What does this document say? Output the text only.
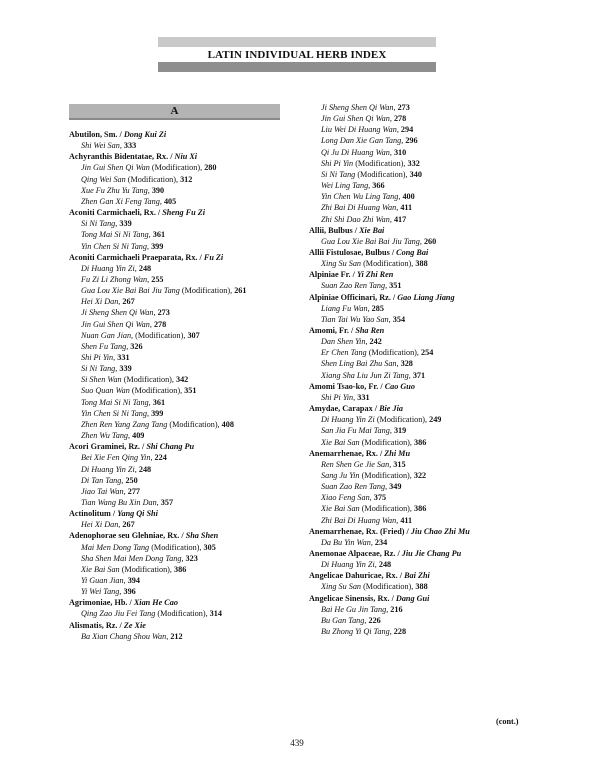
LATIN INDIVIDUAL HERB INDEX
A
Abutilon, Sm. / Dong Kui Zi
Shi Wei San, 333
Achyranthis Bidentatae, Rx. / Niu Xi
Jin Gui Shen Qi Wan (Modification), 280
Qing Wei San (Modification), 312
Xue Fu Zhu Yu Tang, 390
Zhen Gan Xi Feng Tang, 405
Aconiti Carmichaeli, Rx. / Sheng Fu Zi
Si Ni Tang, 339
Tong Mai Si Ni Tang, 361
Yin Chen Si Ni Tang, 399
Aconiti Carmichaeli Praeparata, Rx. / Fu Zi
Di Huang Yin Zi, 248
Fu Zi Li Zhong Wan, 255
Gua Lou Xie Bai Bai Jiu Tang (Modification), 261
Hei Xi Dan, 267
Ji Sheng Shen Qi Wan, 273
Jin Gui Shen Qi Wan, 278
Nuan Gan Jian, (Modification), 307
Shen Fu Tang, 326
Shi Pi Yin, 331
Si Ni Tang, 339
Si Shen Wan (Modification), 342
Suo Quan Wan (Modification), 351
Tong Mai Si Ni Tang, 361
Yin Chen Si Ni Tang, 399
Zhen Ren Yang Zang Tang (Modification), 408
Zhen Wu Tang, 409
Acori Graminei, Rz. / Shi Chang Pu
Bei Xie Fen Qing Yin, 224
Di Huang Yin Zi, 248
Di Tan Tang, 250
Jiao Tai Wan, 277
Tian Wang Bu Xin Dan, 357
Actinolitum / Yang Qi Shi
Hei Xi Dan, 267
Adenophorae seu Glehniae, Rx. / Sha Shen
Mai Men Dong Tang (Modification), 305
Sha Shen Mai Men Dong Tang, 323
Xie Bai San (Modification), 386
Yi Guan Jian, 394
Yi Wei Tang, 396
Agrimoniae, Hb. / Xian He Cao
Qing Zao Jiu Fei Tang (Modification), 314
Alismatis, Rz. / Ze Xie
Ba Xian Chang Shou Wan, 212
Ji Sheng Shen Qi Wan, 273
Jin Gui Shen Qi Wan, 278
Liu Wei Di Huang Wan, 294
Long Dan Xie Gan Tang, 296
Qi Ju Di Huang Wan, 310
Shi Pi Yin (Modification), 332
Si Ni Tang (Modification), 340
Wei Ling Tang, 366
Yin Chen Wu Ling Tang, 400
Zhi Bai Di Huang Wan, 411
Zhi Shi Dao Zhi Wan, 417
Allii, Bulbus / Xie Bai
Gua Lou Xie Bai Bai Jiu Tang, 260
Allii Fistulosae, Bulbus / Cong Bai
Xing Su San (Modification), 388
Alpiniae Fr. / Yi Zhi Ren
Suan Zao Ren Tang, 351
Alpiniae Officinari, Rz. / Gao Liang Jiang
Liang Fu Wan, 285
Tian Tai Wu Yao San, 354
Amomi, Fr. / Sha Ren
Dan Shen Yin, 242
Er Chen Tang (Modification), 254
Shen Ling Bai Zhu San, 328
Xiang Sha Liu Jun Zi Tang, 371
Amomi Tsao-ko, Fr. / Cao Guo
Shi Pi Yin, 331
Amydae, Carapax / Bie Jia
Di Huang Yin Zi (Modification), 249
San Jia Fu Mai Tang, 319
Xie Bai San (Modification), 386
Anemarrhenae, Rx. / Zhi Mu
Ren Shen Ge Jie San, 315
Sang Ju Yin (Modification), 322
Suan Zao Ren Tang, 349
Xiao Feng San, 375
Xie Bai San (Modification), 386
Zhi Bai Di Huang Wan, 411
Anemarrhenae, Rx. (Fried) / Jiu Chao Zhi Mu
Da Bu Yin Wan, 234
Anemonae Alpaceae, Rz. / Jiu Jie Chang Pu
Di Huang Yin Zi, 248
Angelicae Dahuricae, Rx. / Bai Zhi
Xing Su San (Modification), 388
Angelicae Sinensis, Rx. / Dang Gui
Bai He Gu Jin Tang, 216
Bu Gan Tang, 226
Bu Zhong Yi Qi Tang, 228
(cont.)
439
